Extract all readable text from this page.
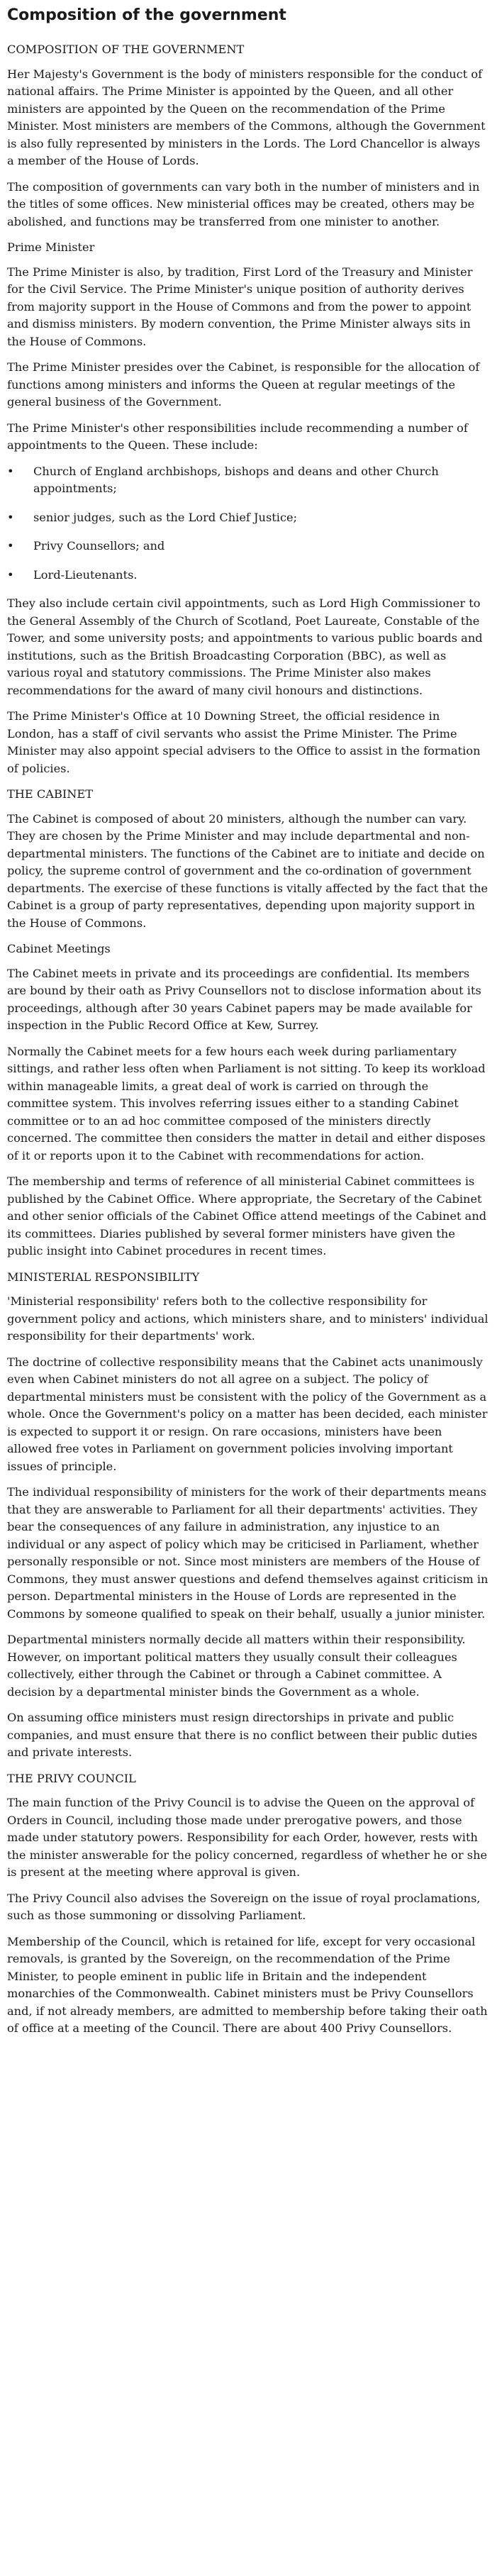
Composition of the government
COMPOSITION OF THE GOVERNMENT

Her Majesty's Government is the body of ministers responsible for the conduct of national affairs. The Prime Minister is appointed by the Queen, and all other ministers are appointed by the Queen on the recommendation of the Prime Minister. Most ministers are members of the Commons, although the Government is also fully represented by ministers in the Lords. The Lord Chancellor is always a member of the House of Lords.

The composition of governments can vary both in the number of ministers and in the titles of some offices. New ministerial offices may be created, others may be abolished, and functions may be transferred from one minister to another.

Prime Minister

The Prime Minister is also, by tradition, First Lord of the Treasury and Minister for the Civil Service. The Prime Minister's unique position of authority derives from majority support in the House of Commons and from the power to appoint and dismiss ministers. By modern convention, the Prime Minister always sits in the House of Commons.

The Prime Minister presides over the Cabinet, is responsible for the allocation of functions among ministers and informs the Queen at regular meetings of the general business of the Government.

The Prime Minister's other responsibilities include recommending a number of appointments to the Queen. These include:

• Church of England archbishops, bishops and deans and other Church appointments;
• senior judges, such as the Lord Chief Justice;
• Privy Counsellors; and
• Lord-Lieutenants.

They also include certain civil appointments, such as Lord High Commissioner to the General Assembly of the Church of Scotland, Poet Laureate, Constable of the Tower, and some university posts; and appointments to various public boards and institutions, such as the British Broadcasting Corporation (BBC), as well as various royal and statutory commissions. The Prime Minister also makes recommendations for the award of many civil honours and distinctions.

The Prime Minister's Office at 10 Downing Street, the official residence in London, has a staff of civil servants who assist the Prime Minister. The Prime Minister may also appoint special advisers to the Office to assist in the formation of policies.

THE CABINET

The Cabinet is composed of about 20 ministers, although the number can vary. They are chosen by the Prime Minister and may include departmental and non-departmental ministers. The functions of the Cabinet are to initiate and decide on policy, the supreme control of government and the co-ordination of government departments. The exercise of these functions is vitally affected by the fact that the Cabinet is a group of party representatives, depending upon majority support in the House of Commons.

Cabinet Meetings

The Cabinet meets in private and its proceedings are confidential. Its members are bound by their oath as Privy Counsellors not to disclose information about its proceedings, although after 30 years Cabinet papers may be made available for inspection in the Public Record Office at Kew, Surrey.

Normally the Cabinet meets for a few hours each week during parliamentary sittings, and rather less often when Parliament is not sitting. To keep its workload within manageable limits, a great deal of work is carried on through the committee system. This involves referring issues either to a standing Cabinet committee or to an ad hoc committee composed of the ministers directly concerned. The committee then considers the matter in detail and either disposes of it or reports upon it to the Cabinet with recommendations for action.

The membership and terms of reference of all ministerial Cabinet committees is published by the Cabinet Office. Where appropriate, the Secretary of the Cabinet and other senior officials of the Cabinet Office attend meetings of the Cabinet and its committees. Diaries published by several former ministers have given the public insight into Cabinet procedures in recent times.

MINISTERIAL RESPONSIBILITY

'Ministerial responsibility' refers both to the collective responsibility for government policy and actions, which ministers share, and to ministers' individual responsibility for their departments' work.

The doctrine of collective responsibility means that the Cabinet acts unanimously even when Cabinet ministers do not all agree on a subject. The policy of departmental ministers must be consistent with the policy of the Government as a whole. Once the Government's policy on a matter has been decided, each minister is expected to support it or resign. On rare occasions, ministers have been allowed free votes in Parliament on government policies involving important issues of principle.

The individual responsibility of ministers for the work of their departments means that they are answerable to Parliament for all their departments' activities. They bear the consequences of any failure in administration, any injustice to an individual or any aspect of policy which may be criticised in Parliament, whether personally responsible or not. Since most ministers are members of the House of Commons, they must answer questions and defend themselves against criticism in person. Departmental ministers in the House of Lords are represented in the Commons by someone qualified to speak on their behalf, usually a junior minister.

Departmental ministers normally decide all matters within their responsibility. However, on important political matters they usually consult their colleagues collectively, either through the Cabinet or through a Cabinet committee. A decision by a departmental minister binds the Government as a whole.

On assuming office ministers must resign directorships in private and public companies, and must ensure that there is no conflict between their public duties and private interests.

THE PRIVY COUNCIL

The main function of the Privy Council is to advise the Queen on the approval of Orders in Council, including those made under prerogative powers, and those made under statutory powers. Responsibility for each Order, however, rests with the minister answerable for the policy concerned, regardless of whether he or she is present at the meeting where approval is given.

The Privy Council also advises the Sovereign on the issue of royal proclamations, such as those summoning or dissolving Parliament.

Membership of the Council, which is retained for life, except for very occasional removals, is granted by the Sovereign, on the recommendation of the Prime Minister, to people eminent in public life in Britain and the independent monarchies of the Commonwealth. Cabinet ministers must be Privy Counsellors and, if not already members, are admitted to membership before taking their oath of office at a meeting of the Council. There are about 400 Privy Counsellors.
